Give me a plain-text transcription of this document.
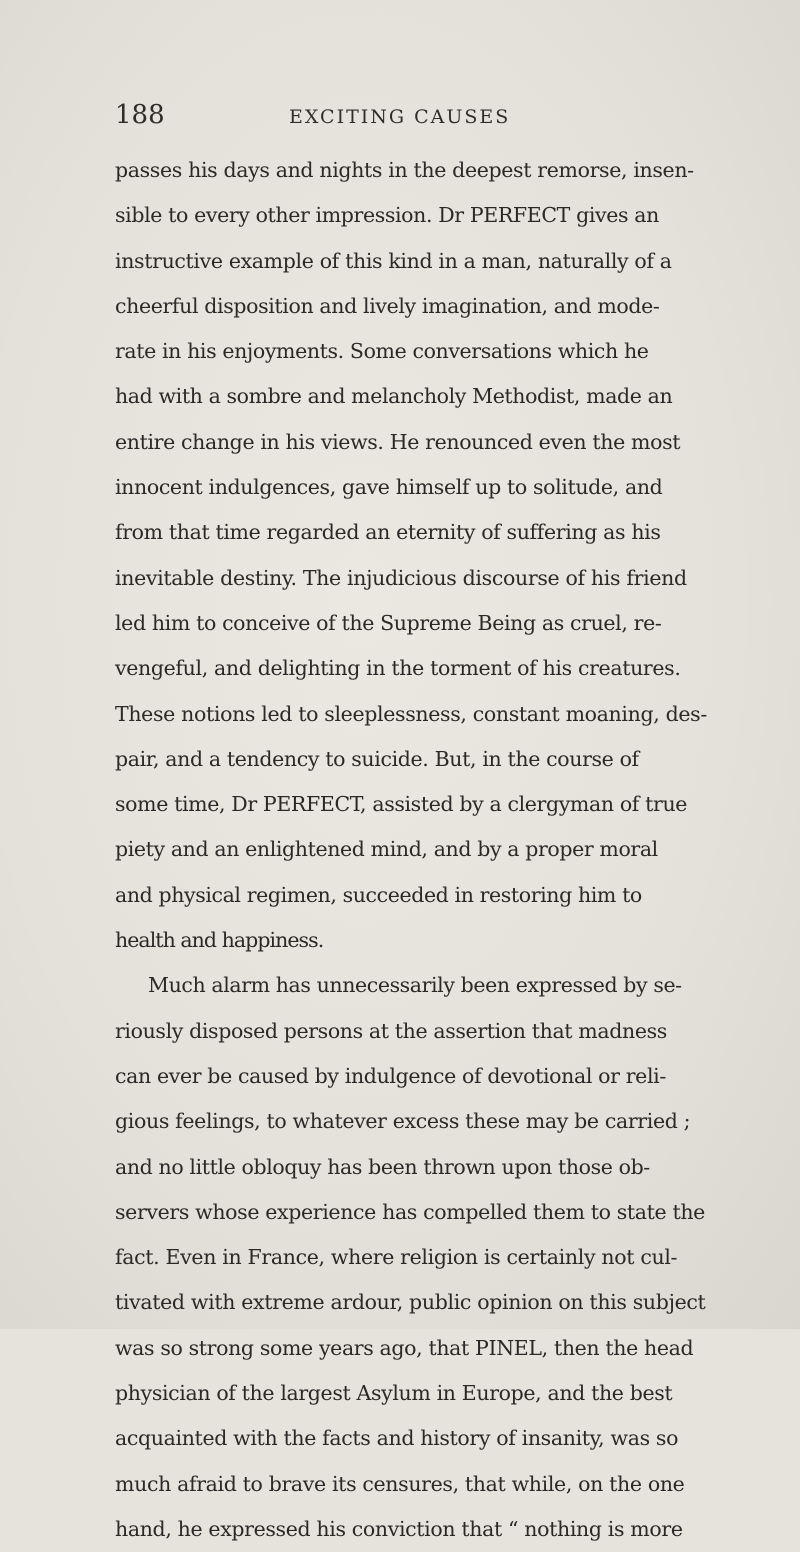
188	EXCITING CAUSES
passes his days and nights in the deepest remorse, insen-
sible to every other impression. Dr PERFECT gives an
instructive example of this kind in a man, naturally of a
cheerful disposition and lively imagination, and mode-
rate in his enjoyments. Some conversations which he
had with a sombre and melancholy Methodist, made an
entire change in his views. He renounced even the most
innocent indulgences, gave himself up to solitude, and
from that time regarded an eternity of suffering as his
inevitable destiny. The injudicious discourse of his friend
led him to conceive of the Supreme Being as cruel, re-
vengeful, and delighting in the torment of his creatures.
These notions led to sleeplessness, constant moaning, des-
pair, and a tendency to suicide. But, in the course of
some time, Dr PERFECT, assisted by a clergyman of true
piety and an enlightened mind, and by a proper moral
and physical regimen, succeeded in restoring him to
health and happiness.
Much alarm has unnecessarily been expressed by se-
riously disposed persons at the assertion that madness
can ever be caused by indulgence of devotional or reli-
gious feelings, to whatever excess these may be carried ;
and no little obloquy has been thrown upon those ob-
servers whose experience has compelled them to state the
fact. Even in France, where religion is certainly not cul-
tivated with extreme ardour, public opinion on this subject
was so strong some years ago, that PINEL, then the head
physician of the largest Asylum in Europe, and the best
acquainted with the facts and history of insanity, was so
much afraid to brave its censures, that while, on the one
hand, he expressed his conviction that “ nothing is more
